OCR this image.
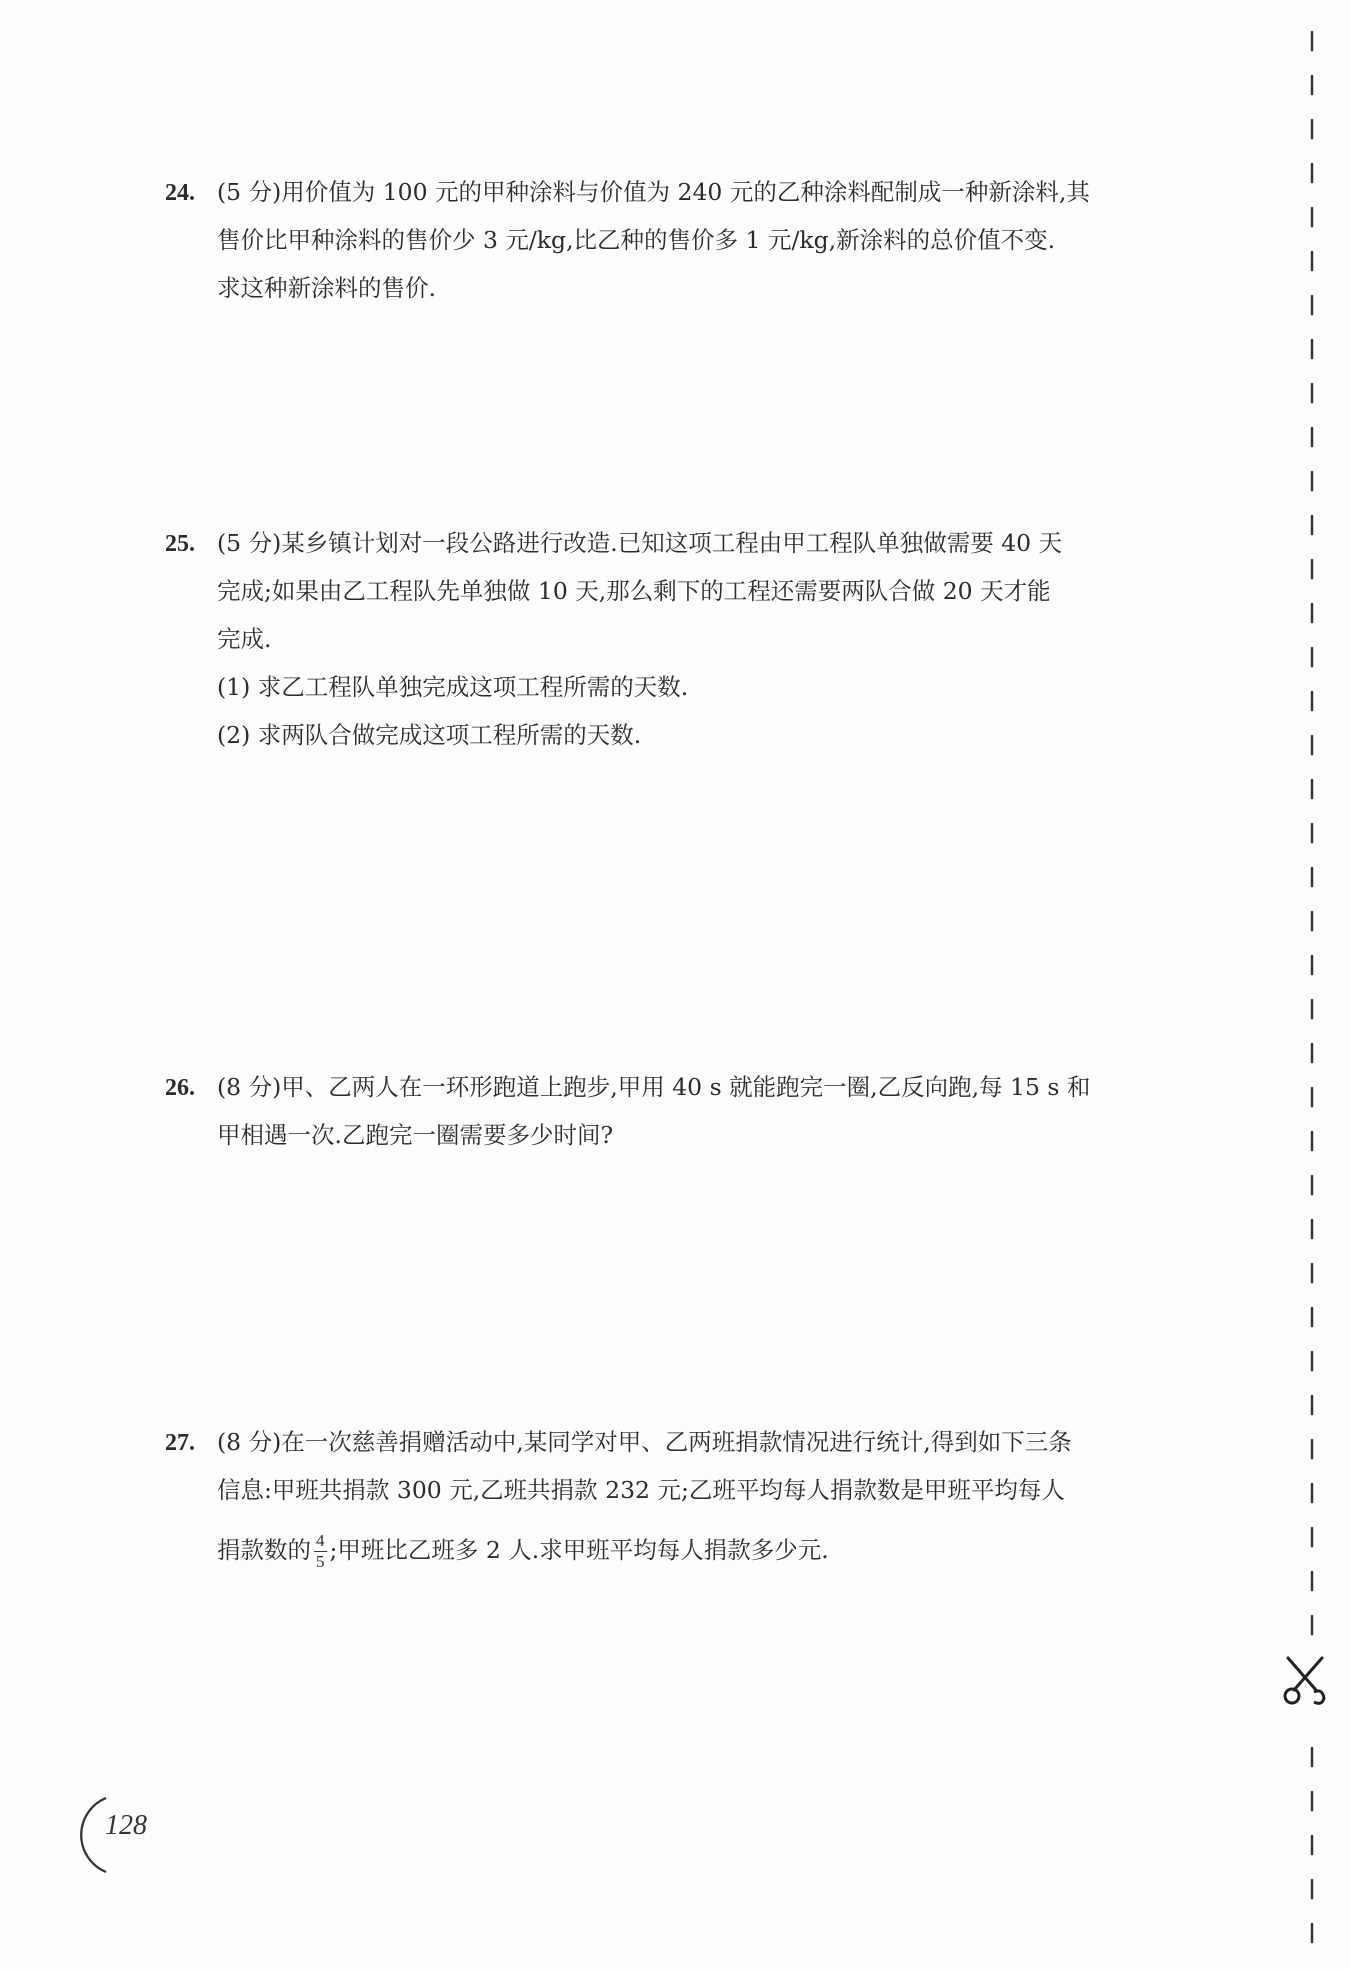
24. (5 分)用价值为 100 元的甲种涂料与价值为 240 元的乙种涂料配制成一种新涂料,其
售价比甲种涂料的售价少 3 元/kg,比乙种的售价多 1 元/kg,新涂料的总价值不变.
求这种新涂料的售价.
25. (5 分)某乡镇计划对一段公路进行改造.已知这项工程由甲工程队单独做需要 40 天
完成;如果由乙工程队先单独做 10 天,那么剩下的工程还需要两队合做 20 天才能
完成.
(1) 求乙工程队单独完成这项工程所需的天数.
(2) 求两队合做完成这项工程所需的天数.
26. (8 分)甲、乙两人在一环形跑道上跑步,甲用 40 s 就能跑完一圈,乙反向跑,每 15 s 和
甲相遇一次.乙跑完一圈需要多少时间?
27. (8 分)在一次慈善捐赠活动中,某同学对甲、乙两班捐款情况进行统计,得到如下三条
信息:甲班共捐款 300 元,乙班共捐款 232 元;乙班平均每人捐款数是甲班平均每人
捐款数的 $\frac{4}{5}$ ;甲班比乙班多 2 人.求甲班平均每人捐款多少元.
128
